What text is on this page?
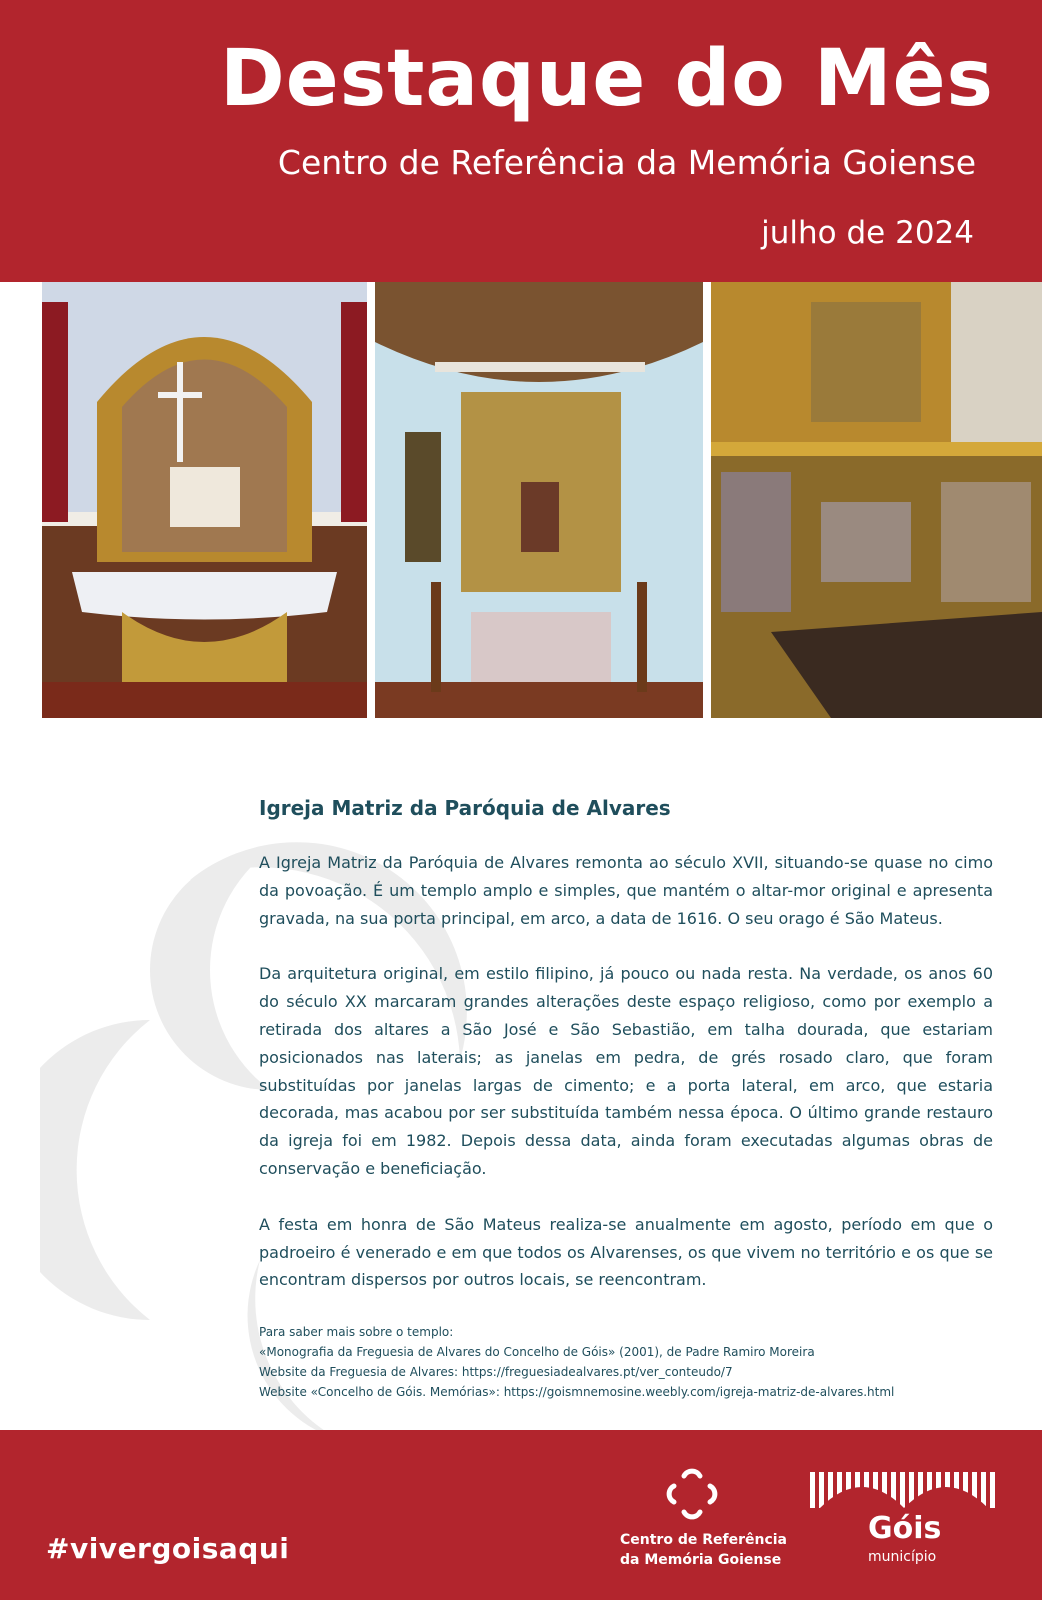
Destaque do Mês
Centro de Referência da Memória Goiense
julho de 2024
Igreja Matriz da Paróquia de Alvares

A Igreja Matriz da Paróquia de Alvares remonta ao século XVII, situando-se quase no cimo da povoação. É um templo amplo e simples, que mantém o altar-mor original e apresenta gravada, na sua porta principal, em arco, a data de 1616. O seu orago é São Mateus.

Da arquitetura original, em estilo filipino, já pouco ou nada resta. Na verdade, os anos 60 do século XX marcaram grandes alterações deste espaço religioso, como por exemplo a retirada dos altares a São José e São Sebastião, em talha dourada, que estariam posicionados nas laterais; as janelas em pedra, de grés rosado claro, que foram substituídas por janelas largas de cimento; e a porta lateral, em arco, que estaria decorada, mas acabou por ser substituída também nessa época. O último grande restauro da igreja foi em 1982. Depois dessa data, ainda foram executadas algumas obras de conservação e beneficiação.

A festa em honra de São Mateus realiza-se anualmente em agosto, período em que o padroeiro é venerado e em que todos os Alvarenses, os que vivem no território e os que se encontram dispersos por outros locais, se reencontram.

Para saber mais sobre o templo:
«Monografia da Freguesia de Alvares do Concelho de Góis» (2001), de Padre Ramiro Moreira
Website da Freguesia de Alvares: https://freguesiadealvares.pt/ver_conteudo/7
Website «Concelho de Góis. Memórias»: https://goismnemosine.weebly.com/igreja-matriz-de-alvares.html
#vivergoisaqui	Centro de Referência
da Memória Goiense
Góis
município
